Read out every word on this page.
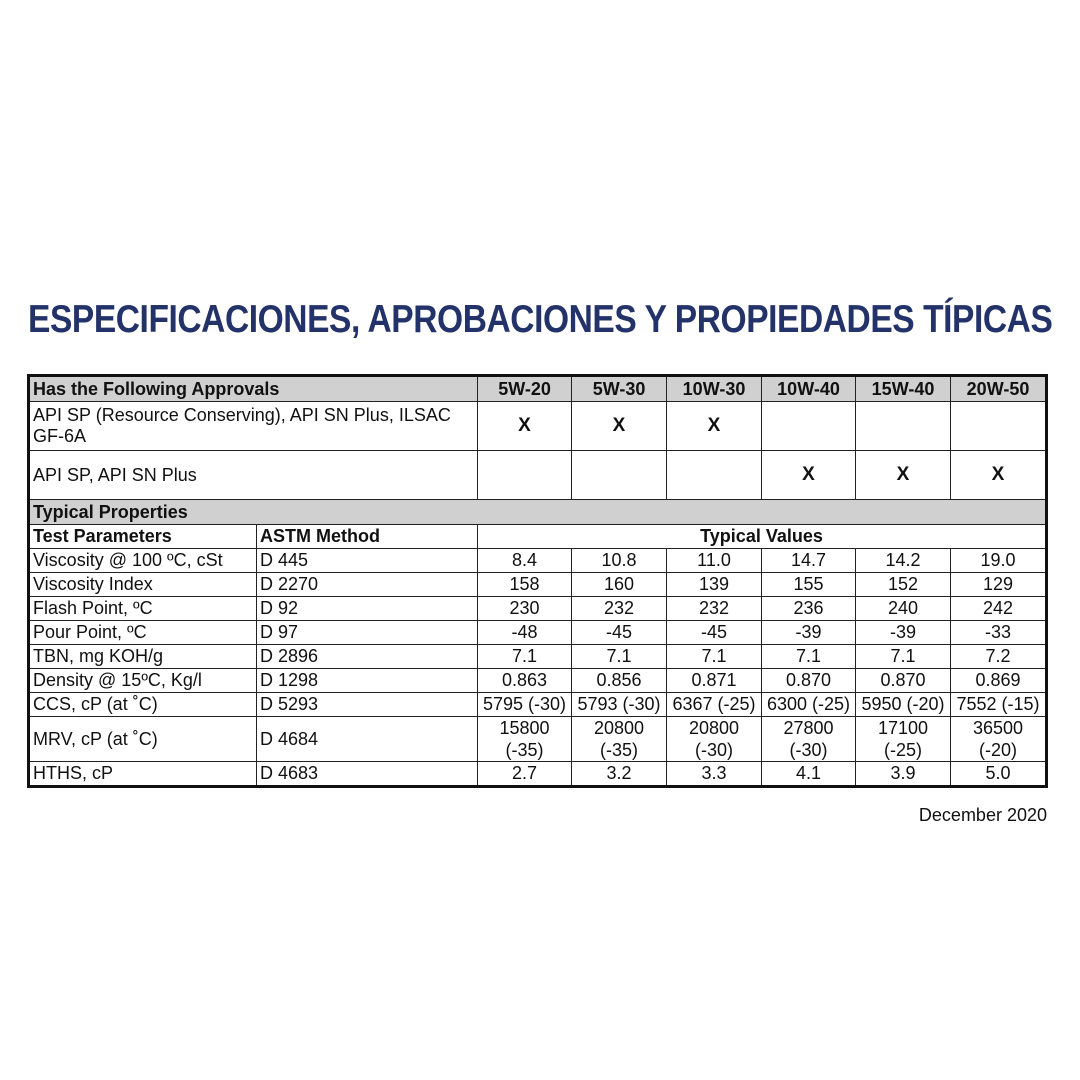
ESPECIFICACIONES, APROBACIONES Y PROPIEDADES TÍPICAS
Has the Following Approvals		5W-20	5W-30	10W-30	10W-40	15W-40	20W-50
API SP (Resource Conserving), API SN Plus, ILSAC GF-6A		X	X	X			
API SP, API SN Plus					X	X	X
Typical Properties							
Test Parameters	ASTM Method	Typical Values					
Viscosity @ 100 ºC, cSt	D 445	8.4	10.8	11.0	14.7	14.2	19.0
Viscosity Index	D 2270	158	160	139	155	152	129
Flash Point, ºC	D 92	230	232	232	236	240	242
Pour Point, ºC	D 97	-48	-45	-45	-39	-39	-33
TBN, mg KOH/g	D 2896	7.1	7.1	7.1	7.1	7.1	7.2
Density @ 15ºC, Kg/l	D 1298	0.863	0.856	0.871	0.870	0.870	0.869
CCS, cP (at ˚C)	D 5293	5795 (-30)	5793 (-30)	6367 (-25)	6300 (-25)	5950 (-20)	7552 (-15)
MRV, cP (at ˚C)	D 4684	15800 (-35)	20800 (-35)	20800 (-30)	27800 (-30)	17100 (-25)	36500 (-20)
HTHS, cP	D 4683	2.7	3.2	3.3	4.1	3.9	5.0
December 2020
